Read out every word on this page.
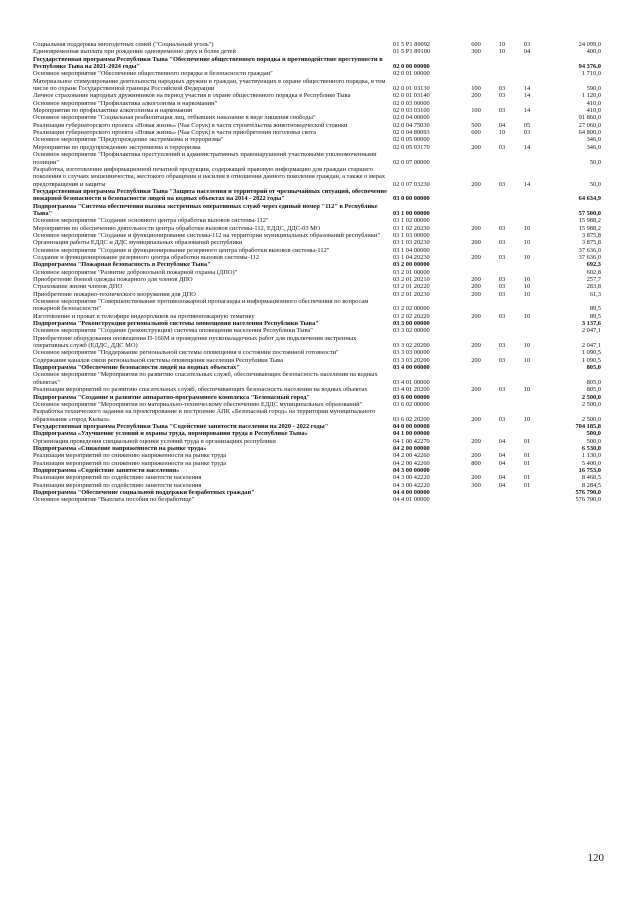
Социальная поддержка многодетных семей ("Социальный уголь")	01 5 Р1 89092	600	10	03	24 099,0
Единовременная выплата при рождении одновременно двух и более детей	01 5 Р1 89100	300	10	04	400,0
Государственная программа Республики Тыва "Обеспечение общественного порядка и противодействие преступности в Республике Тыва на 2021-2024 годы"	02 0 00 00000				94 376,0
Основное мероприятие "Обеспечение общественного порядка и безопасности граждан"	02 0 01 00000				1 710,0
Материальное стимулирование деятельности народных дружин и граждан, участвующих в охране общественного порядка, в том числе по охране Государственной границы Российской Федерации	02 0 01 03130	100	03	14	590,0
Личное страхование народных дружинников на период участия в охране общественного порядка в Республике Тыва	02 0 01 03140	200	03	14	1 120,0
Основное мероприятие "Профилактика алкоголизма и наркомании"	02 0 03 00000				410,0
Мероприятия по профилактике алкоголизма и наркомании	02 0 03 03100	100	03	14	410,0
Основное мероприятие "Социальная реабилитация лиц, отбывших наказание в виде лишения свободы"	02 0 04 00000				91 860,0
Реализация губернаторского проекта «Новая жизнь» (Чаа Сорук) в части строительства животноводческой стоянки	02 0 04 75030	500	04	05	27 060,0
Реализация губернаторского проекта «Новая жизнь» (Чаа Сорук) в части приобретения поголовья скота	02 0 04 89093	600	10	03	64 800,0
Основное мероприятие "Предупреждение экстремизма и терроризма"	02 0 05 00000				346,0
Мероприятия по предупреждению экстремизма и терроризма	02 0 05 03170	200	03	14	346,0
Основное мероприятие "Профилактика преступлений и административных правонарушений участковыми уполномоченными полиции"	02 0 07 00000				50,0
Разработка, изготовление информационной печатной продукции, содержащей правовую информацию для граждан старшего поколения о случаях мошенничества, жестокого обращения и насилия в отношении данного поколения граждан, а также о мерах предотвращения и защиты	02 0 07 03230	200	03	14	50,0
Государственная программа Республики Тыва "Защита населения и территорий от чрезвычайных ситуаций, обеспечение пожарной безопасности и безопасности людей на водных объектах на 2014 - 2022 годы"	03 0 00 00000				64 634,9
Подпрограмма "Система обеспечения вызова экстренных оперативных служб через единый номер "112" в Республике Тыва"	03 1 00 00000				57 500,0
Основное мероприятие "Создание основного центра обработки вызовов системы-112"	03 1 02 00000				15 988,2
Мероприятия по обеспечению деятельности центра обработки вызовов системы-112, ЕДДС, ДДС-03 МО	03 1 02 20230	200	03	10	15 988,2
Основное мероприятие "Создание и функционирование системы-112 на территории муниципальных образований республики"	03 1 03 00000				3 875,8
Организация работы ЕДДС и ДДС муниципальных образований республики	03 1 03 20230	200	03	10	3 875,8
Основное мероприятие "Создание и функционирование резервного центра обработки вызовов системы-112"	03 1 04 00000				37 636,0
Создание и функционирование резервного центра обработки вызовов системы-112	03 1 04 20230	200	03	10	37 636,0
Подпрограмма "Пожарная безопасность в Республике Тыва"	03 2 00 00000				692,3
Основное мероприятие "Развитие добровольной пожарной охраны (ДПО)"	03 2 01 00000				602,8
Приобретение боевой одежды пожарного для членов ДПО	03 2 01 20210	200	03	10	257,7
Страхование жизни членов ДПО	03 2 01 20220	200	03	10	283,8
Приобретение пожарно-технического вооружения для ДПО	03 2 01 20230	200	03	10	61,3
Основное мероприятие "Совершенствование противопожарной пропаганды и информационного обеспечения по вопросам пожарной безопасности"	03 2 02 00000				89,5
Изготовление и прокат в телеэфире видеороликов на противопожарную тематику	03 2 02 20220	200	03	10	89,5
Подпрограмма "Реконструкция региональной системы оповещения населения Республики Тыва"	03 3 00 00000				3 137,6
Основное мероприятие "Создание (реконструкция) системы оповещения населения Республики Тыва"	03 3 02 00000				2 047,1
Приобретение оборудования оповещения П-166М и проведение пусконаладочных работ для подключения экстренных оперативных служб (ЕДДС, ДДС МО)	03 3 02 20200	200	03	10	2 047,1
Основное мероприятие "Поддержание региональной системы оповещения в состоянии постоянной готовности"	03 3 03 00000				1 090,5
Содержание каналов связи региональной системы оповещения населения Республики Тыва	03 3 03 20200	200	03	10	1 090,5
Подпрограмма "Обеспечение безопасности людей на водных объектах"	03 4 00 00000				805,0
Основное мероприятие "Мероприятия по развитию спасательных служб, обеспечивающих безопасность населения на водных объектах"	03 4 01 00000				805,0
Реализация мероприятий по развитию спасательных служб, обеспечивающих безопасность населения на водных объектах	03 4 01 20200	200	03	10	805,0
Подпрограмма "Создание и развитие аппаратно-программного комплекса "Безопасный город"	03 6 00 00000				2 500,0
Основное мероприятие "Мероприятия по материально-техническому обеспечению ЕДДС муниципальных образований"	03 6 02 00000				2 500,0
Разработка технического задания на проектирование и построение АПК «Безопасный город» на территории муниципального образования «город Кызыл»	03 6 02 20200	200	03	10	2 500,0
Государственная программа Республики Тыва "Содействие занятости населения на 2020 - 2022 годы"	04 0 00 00000				704 185,8
Подпрограмма «Улучшение условий и охраны труда, нормирования труда в Республике Тыва»	04 1 00 00000				500,0
Организация проведения специальной оценки условий труда в организациях республики	04 1 00 42270	200	04	01	500,0
Подпрограмма «Снижение напряженности на рынке труда»	04 2 00 00000				6 530,0
Реализация мероприятий по снижению напряженности на рынке труда	04 2 00 42260	200	04	01	1 130,0
Реализация мероприятий по снижению напряженности на рынке труда	04 2 00 42260	800	04	01	5 400,0
Подпрограмма «Содействие занятости населения»	04 3 00 00000				16 753,0
Реализация мероприятий по содействию занятости населения	04 3 00 42220	200	04	01	8 468,5
Реализация мероприятий по содействию занятости населения	04 3 00 42220	300	04	01	8 284,5
Подпрограмма "Обеспечение социальной поддержки безработных граждан"	04 4 00 00000				576 790,0
Основное мероприятие "Выплата пособия по безработице"	04 4 01 00000				576 790,0
120
